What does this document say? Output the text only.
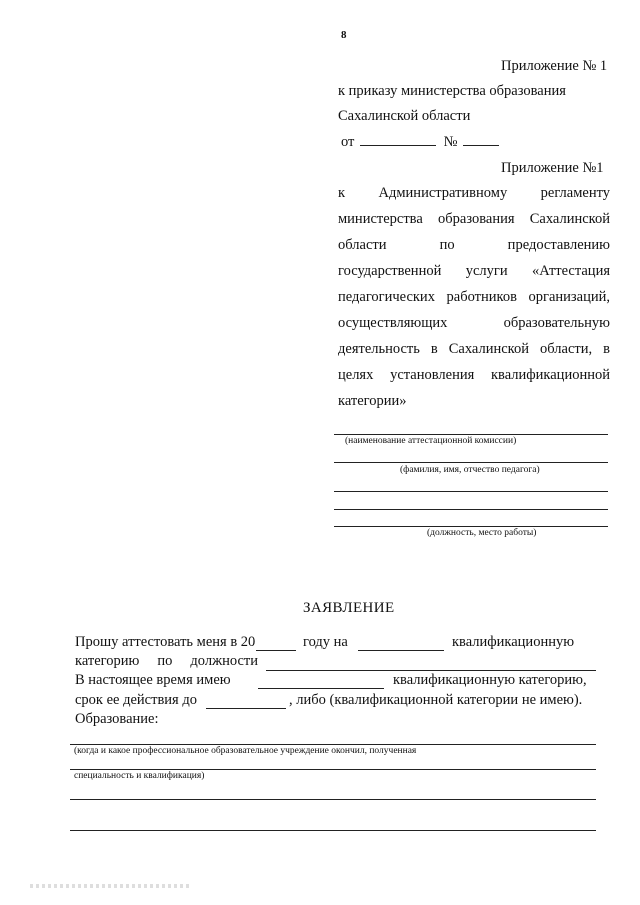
8
Приложение № 1
к приказу министерства образования
Сахалинской области
от	№
Приложение №1
к Административному регламенту
министерства образования Сахалинской
области по предоставлению
государственной услуги «Аттестация
педагогических работников организаций,
осуществляющих образовательную
деятельность в Сахалинской области, в
целях установления квалификационной
категории»
(наименование аттестационной комиссии)
(фамилия, имя, отчество педагога)
(должность, место работы)
ЗАЯВЛЕНИЕ
Прошу аттестовать меня в 20	году на	квалификационную
категорию по должности
В настоящее время имею	квалификационную категорию,
срок ее действия до	, либо (квалификационной категории не имею).
Образование:
(когда и какое профессиональное образовательное учреждение окончил, полученная
специальность и квалификация)
